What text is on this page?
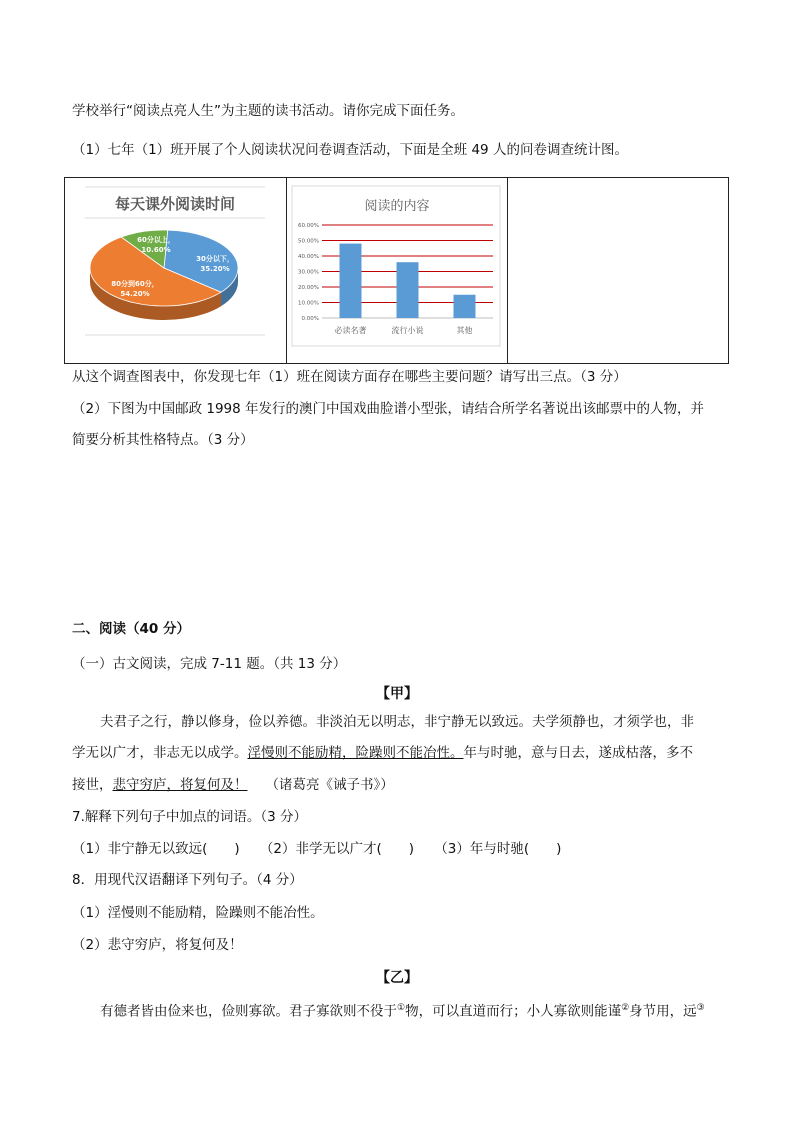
学校举行“阅读点亮人生”为主题的读书活动。请你完成下面任务。
（1）七年（1）班开展了个人阅读状况问卷调查活动，下面是全班 49 人的问卷调查统计图。
每天课外阅读时间
30分以下， 35.20%
80分到60分， 54.20%
60分以上， 10.60%

阅读的内容
0.00%
10.00%
20.00%
30.00%
40.00%
50.00%
60.00%
必读名著	流行小说	其他

从这个调查图表中，你发现七年（1）班在阅读方面存在哪些主要问题？请写出三点。（3 分）
（2）下图为中国邮政 1998 年发行的澳门中国戏曲脸谱小型张，请结合所学名著说出该邮票中的人物，并
简要分析其性格特点。（3 分）
二、阅读（40 分）
（一）古文阅读，完成 7-11 题。（共 13 分）
【甲】
夫君子之行，静以修身，俭以养德。非淡泊无以明志，非宁静无以致远。夫学须静也，才须学也，非
学无以广才，非志无以成学。淫慢则不能励精，险躁则不能冶性。年与时驰，意与日去，遂成枯落，多不
接世，悲守穷庐，将复何及！ （诸葛亮《诫子书》）
7.解释下列句子中加点的词语。（3 分）
（1）非宁静无以致远(　　)　　（2）非学无以广才(　　)　　（3）年与时驰(　　)
8．用现代汉语翻译下列句子。（4 分）
（1）淫慢则不能励精，险躁则不能冶性。
（2）悲守穷庐，将复何及！
【乙】
有德者皆由俭来也，俭则寡欲。君子寡欲则不役于①物，可以直道而行；小人寡欲则能谨②身节用，远③
